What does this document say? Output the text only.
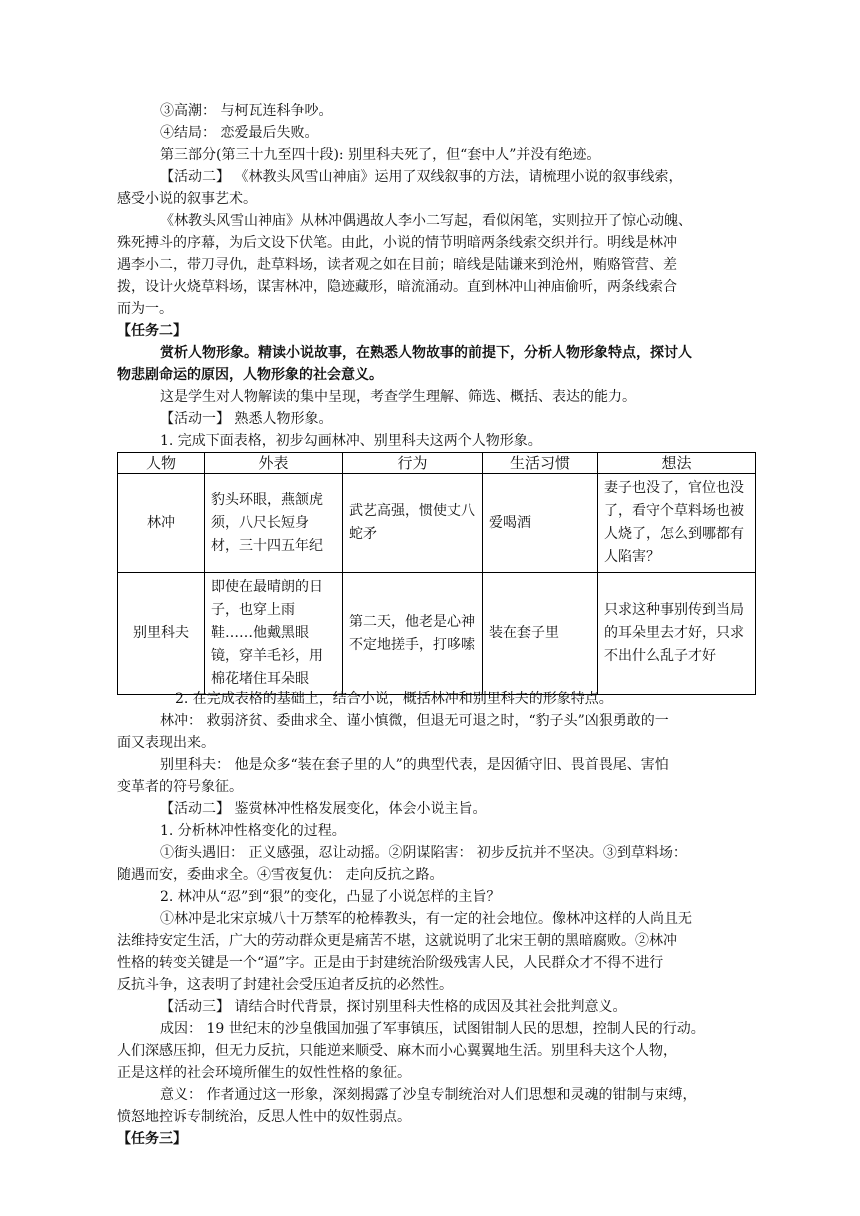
③高潮： 与柯瓦连科争吵。
④结局： 恋爱最后失败。
第三部分(第三十九至四十段): 别里科夫死了，但“套中人”并没有绝迹。
【活动二】 《林教头风雪山神庙》运用了双线叙事的方法，请梳理小说的叙事线索，
感受小说的叙事艺术。
《林教头风雪山神庙》从林冲偶遇故人李小二写起，看似闲笔，实则拉开了惊心动魄、
殊死搏斗的序幕，为后文设下伏笔。由此，小说的情节明暗两条线索交织并行。明线是林冲
遇李小二，带刀寻仇，赴草料场，读者观之如在目前；暗线是陆谦来到沧州，贿赂管营、差
拨，设计火烧草料场，谋害林冲，隐迹藏形，暗流涌动。直到林冲山神庙偷听，两条线索合
而为一。
【任务二】
赏析人物形象。精读小说故事，在熟悉人物故事的前提下，分析人物形象特点，探讨人
物悲剧命运的原因，人物形象的社会意义。
这是学生对人物解读的集中呈现，考查学生理解、筛选、概括、表达的能力。
【活动一】 熟悉人物形象。
1. 完成下面表格，初步勾画林冲、别里科夫这两个人物形象。
人物	外表	行为	生活习惯	想法
林冲	豹头环眼，燕颔虎须，八尺长短身材，三十四五年纪	武艺高强，惯使丈八蛇矛	爱喝酒	妻子也没了，官位也没了，看守个草料场也被人烧了，怎么到哪都有人陷害？
别里科夫	即使在最晴朗的日子，也穿上雨鞋……他戴黑眼镜，穿羊毛衫，用棉花堵住耳朵眼	第二天，他老是心神不定地搓手，打哆嗦	装在套子里	只求这种事别传到当局的耳朵里去才好，只求不出什么乱子才好
2. 在完成表格的基础上，结合小说，概括林冲和别里科夫的形象特点。
林冲： 救弱济贫、委曲求全、谨小慎微，但退无可退之时，“豹子头”凶狠勇敢的一
面又表现出来。
别里科夫： 他是众多“装在套子里的人”的典型代表，是因循守旧、畏首畏尾、害怕
变革者的符号象征。
【活动二】 鉴赏林冲性格发展变化，体会小说主旨。
1. 分析林冲性格变化的过程。
①街头遇旧： 正义感强，忍让动摇。②阴谋陷害： 初步反抗并不坚决。③到草料场：
随遇而安，委曲求全。④雪夜复仇： 走向反抗之路。
2. 林冲从“忍”到“狠”的变化，凸显了小说怎样的主旨？
①林冲是北宋京城八十万禁军的枪棒教头，有一定的社会地位。像林冲这样的人尚且无
法维持安定生活，广大的劳动群众更是痛苦不堪，这就说明了北宋王朝的黑暗腐败。②林冲
性格的转变关键是一个“逼”字。正是由于封建统治阶级残害人民，人民群众才不得不进行
反抗斗争，这表明了封建社会受压迫者反抗的必然性。
【活动三】 请结合时代背景，探讨别里科夫性格的成因及其社会批判意义。
成因： 19 世纪末的沙皇俄国加强了军事镇压，试图钳制人民的思想，控制人民的行动。
人们深感压抑，但无力反抗，只能逆来顺受、麻木而小心翼翼地生活。别里科夫这个人物，
正是这样的社会环境所催生的奴性性格的象征。
意义： 作者通过这一形象，深刻揭露了沙皇专制统治对人们思想和灵魂的钳制与束缚，
愤怒地控诉专制统治，反思人性中的奴性弱点。
【任务三】
